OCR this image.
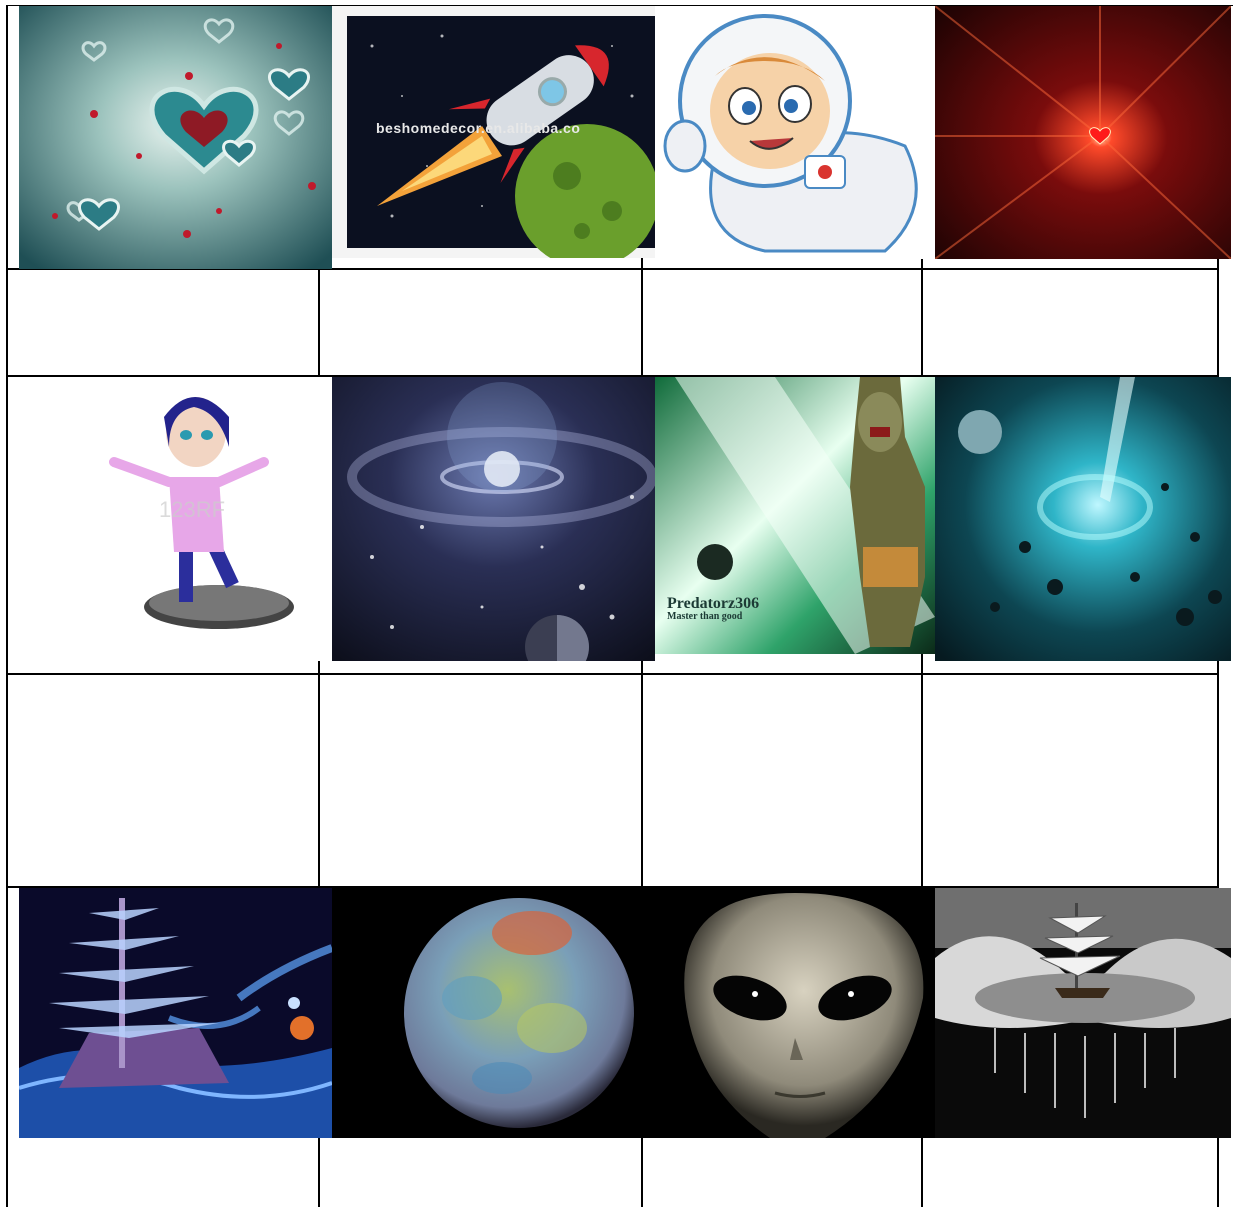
beshomedecor.en.alibaba.co
123RF
Predatorz306
Master than good
